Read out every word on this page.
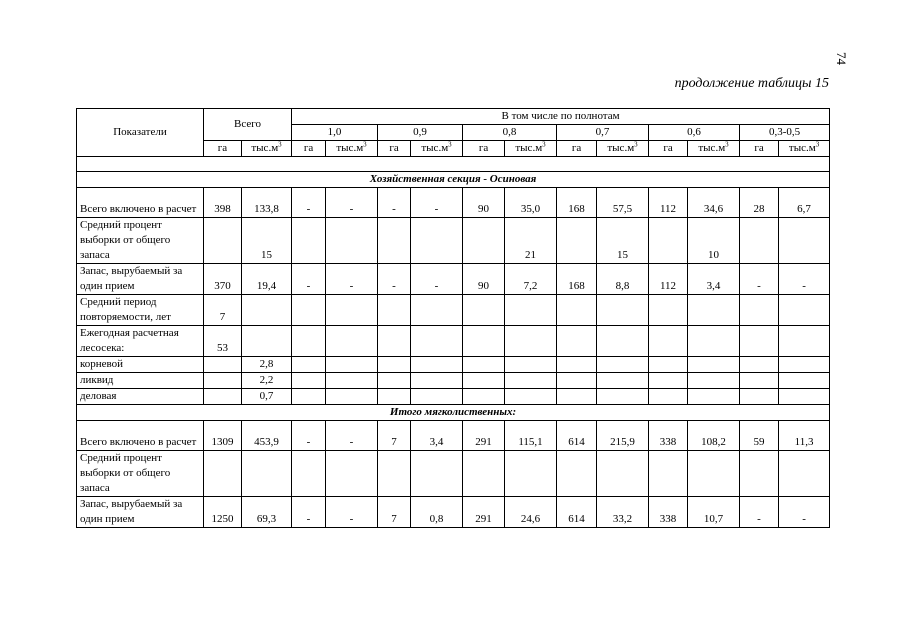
74
продолжение таблицы 15
Показатели	Всего		В том числе по полнотам											
			1,0		0,9		0,8		0,7		0,6		0,3-0,5	
	га	$тыс.м^3$	га	$тыс.м^3$	га	$тыс.м^3$	га	$тыс.м^3$	га	$тыс.м^3$	га	$тыс.м^3$	га	$тыс.м^3$

Хозяйственная секция - Осиновая														
Всего включено в расчет	398	133,8	-	-	-	-	90	35,0	168	57,5	112	34,6	28	6,7
Средний процент выборки от общего запаса		15						21		15		10		
Запас, вырубаемый за один прием	370	19,4	-	-	-	-	90	7,2	168	8,8	112	3,4	-	-
Средний период повторяемости, лет	7													
Ежегодная расчетная лесосека:	53													
корневой		2,8												
ликвид		2,2												
деловая		0,7												
Итого мягколиственных:														
Всего включено в расчет	1309	453,9	-	-	7	3,4	291	115,1	614	215,9	338	108,2	59	11,3
Средний процент выборки от общего запаса														
Запас, вырубаемый за один прием	1250	69,3	-	-	7	0,8	291	24,6	614	33,2	338	10,7	-	-
